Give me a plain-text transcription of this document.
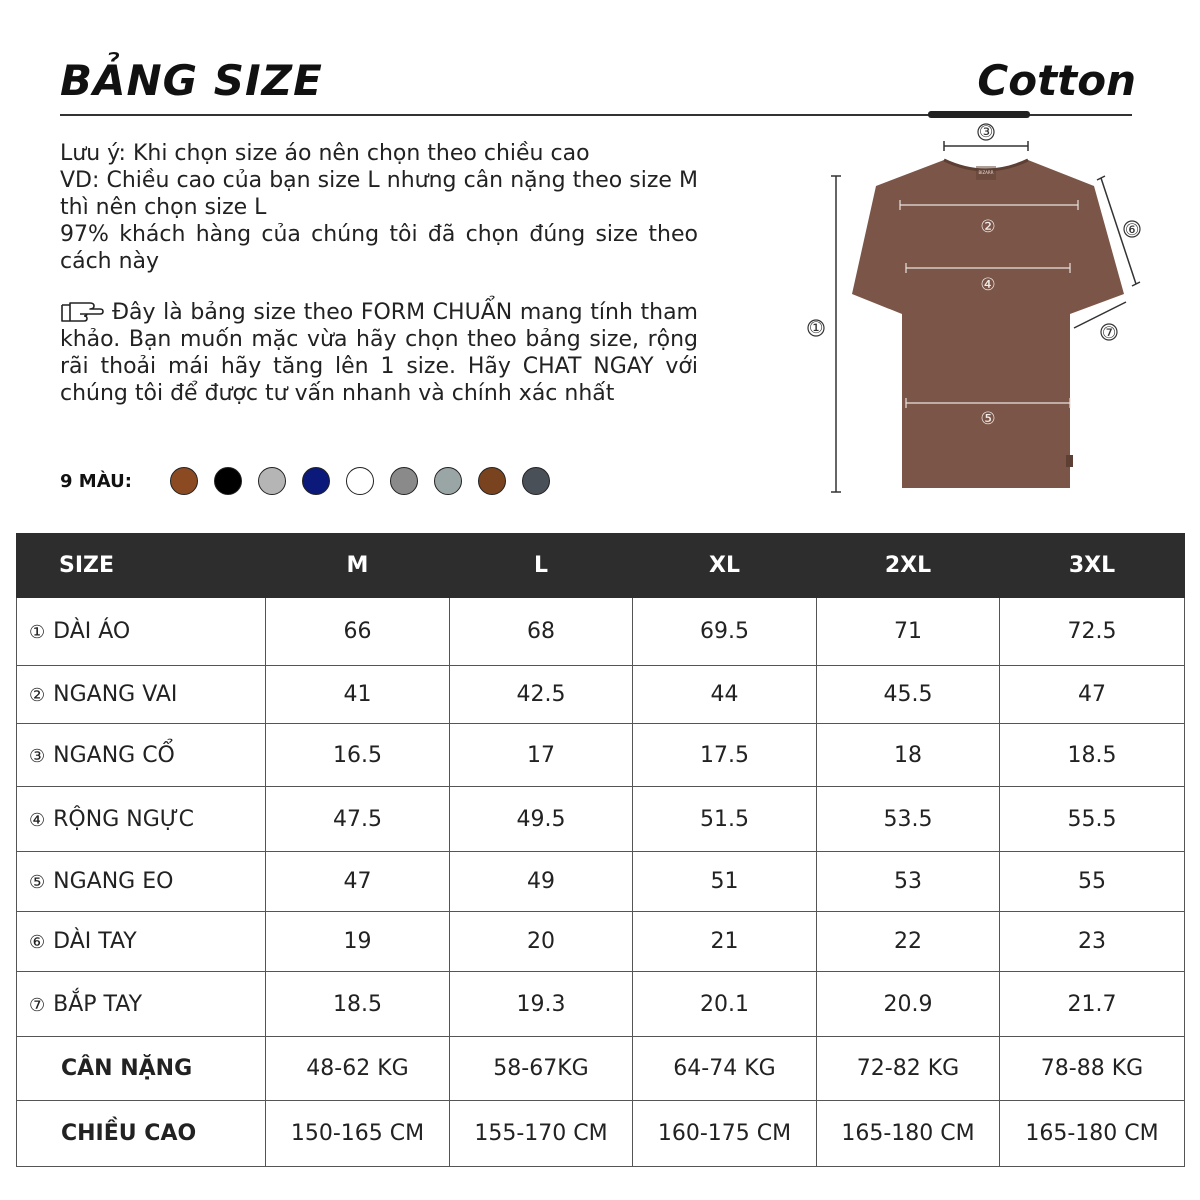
BẢNG SIZE	Cotton

Lưu ý: Khi chọn size áo nên chọn theo chiều cao

VD: Chiều cao của bạn size L nhưng cân nặng theo size M thì nên chọn size L

97% khách hàng của chúng tôi đã chọn đúng size theo cách này

Đây là bảng size theo FORM CHUẨN mang tính tham khảo. Bạn muốn mặc vừa hãy chọn theo bảng size, rộng rãi thoải mái hãy tăng lên 1 size. Hãy CHAT NGAY với chúng tôi để được tư vấn nhanh và chính xác nhất

9 MÀU:
BIZARR
①
③
②
④
⑤
⑥
⑦
SIZE	M	L	XL	2XL	3XL
① DÀI ÁO	66	68	69.5	71	72.5
② NGANG VAI	41	42.5	44	45.5	47
③ NGANG CỔ	16.5	17	17.5	18	18.5
④ RỘNG NGỰC	47.5	49.5	51.5	53.5	55.5
⑤ NGANG EO	47	49	51	53	55
⑥ DÀI TAY	19	20	21	22	23
⑦ BẮP TAY	18.5	19.3	20.1	20.9	21.7
CÂN NẶNG	48-62 KG	58-67KG	64-74 KG	72-82 KG	78-88 KG
CHIỀU CAO	150-165 CM	155-170 CM	160-175 CM	165-180 CM	165-180 CM
